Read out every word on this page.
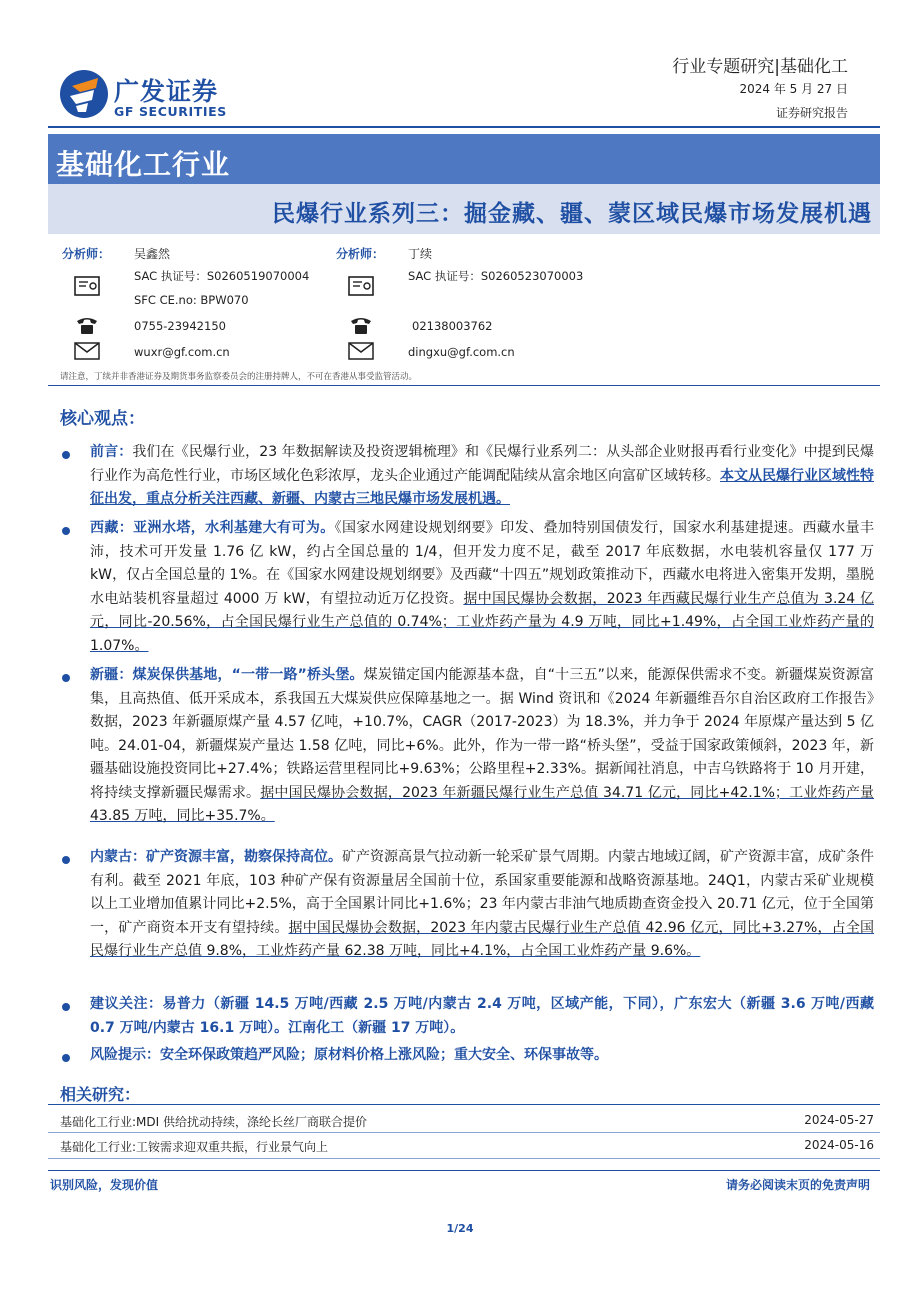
广发证券
GF SECURITIES
行业专题研究|基础化工
2024 年 5 月 27 日
证券研究报告
基础化工行业
民爆行业系列三：掘金藏、疆、蒙区域民爆市场发展机遇
分析师： 吴鑫然
SAC 执证号：S0260519070004
SFC CE.no: BPW070
0755-23942150
wuxr@gf.com.cn
分析师： 丁续
SAC 执证号：S0260523070003
02138003762
dingxu@gf.com.cn
请注意，丁续并非香港证券及期货事务监察委员会的注册持牌人，不可在香港从事受监管活动。
核心观点：
前言：我们在《民爆行业，23 年数据解读及投资逻辑梳理》和《民爆行业系列二：从头部企业财报再看行业变化》中提到民爆行业作为高危性行业，市场区域化色彩浓厚，龙头企业通过产能调配陆续从富余地区向富矿区域转移。本文从民爆行业区域性特征出发，重点分析关注西藏、新疆、内蒙古三地民爆市场发展机遇。
西藏：亚洲水塔，水利基建大有可为。《国家水网建设规划纲要》印发、叠加特别国债发行，国家水利基建提速。西藏水量丰沛，技术可开发量 1.76 亿 kW，约占全国总量的 1/4，但开发力度不足，截至 2017 年底数据，水电装机容量仅 177 万 kW，仅占全国总量的 1%。在《国家水网建设规划纲要》及西藏“十四五”规划政策推动下，西藏水电将进入密集开发期，墨脱水电站装机容量超过 4000 万 kW，有望拉动近万亿投资。据中国民爆协会数据，2023 年西藏民爆行业生产总值为 3.24 亿元，同比-20.56%，占全国民爆行业生产总值的 0.74%；工业炸药产量为 4.9 万吨，同比+1.49%，占全国工业炸药产量的 1.07%。
新疆：煤炭保供基地，“一带一路”桥头堡。煤炭锚定国内能源基本盘，自“十三五”以来，能源保供需求不变。新疆煤炭资源富集，且高热值、低开采成本，系我国五大煤炭供应保障基地之一。据 Wind 资讯和《2024 年新疆维吾尔自治区政府工作报告》数据，2023 年新疆原煤产量 4.57 亿吨，+10.7%，CAGR（2017-2023）为 18.3%，并力争于 2024 年原煤产量达到 5 亿吨。24.01-04，新疆煤炭产量达 1.58 亿吨，同比+6%。此外，作为一带一路“桥头堡”，受益于国家政策倾斜，2023 年，新疆基础设施投资同比+27.4%；铁路运营里程同比+9.63%；公路里程+2.33%。据新闻社消息，中吉乌铁路将于 10 月开建，将持续支撑新疆民爆需求。据中国民爆协会数据，2023 年新疆民爆行业生产总值 34.71 亿元，同比+42.1%；工业炸药产量 43.85 万吨，同比+35.7%。
内蒙古：矿产资源丰富，勘察保持高位。矿产资源高景气拉动新一轮采矿景气周期。内蒙古地域辽阔，矿产资源丰富，成矿条件有利。截至 2021 年底，103 种矿产保有资源量居全国前十位，系国家重要能源和战略资源基地。24Q1，内蒙古采矿业规模以上工业增加值累计同比+2.5%，高于全国累计同比+1.6%；23 年内蒙古非油气地质勘查资金投入 20.71 亿元，位于全国第一，矿产商资本开支有望持续。据中国民爆协会数据，2023 年内蒙古民爆行业生产总值 42.96 亿元，同比+3.27%，占全国民爆行业生产总值 9.8%，工业炸药产量 62.38 万吨，同比+4.1%，占全国工业炸药产量 9.6%。
建议关注：易普力（新疆 14.5 万吨/西藏 2.5 万吨/内蒙古 2.4 万吨，区域产能，下同），广东宏大（新疆 3.6 万吨/西藏 0.7 万吨/内蒙古 16.1 万吨）。江南化工（新疆 17 万吨）。
风险提示：安全环保政策趋严风险；原材料价格上涨风险；重大安全、环保事故等。
相关研究：
基础化工行业:MDI 供给扰动持续，涤纶长丝厂商联合提价	2024-05-27
基础化工行业:工铵需求迎双重共振，行业景气向上	2024-05-16
识别风险，发现价值	请务必阅读末页的免责声明
1/24
